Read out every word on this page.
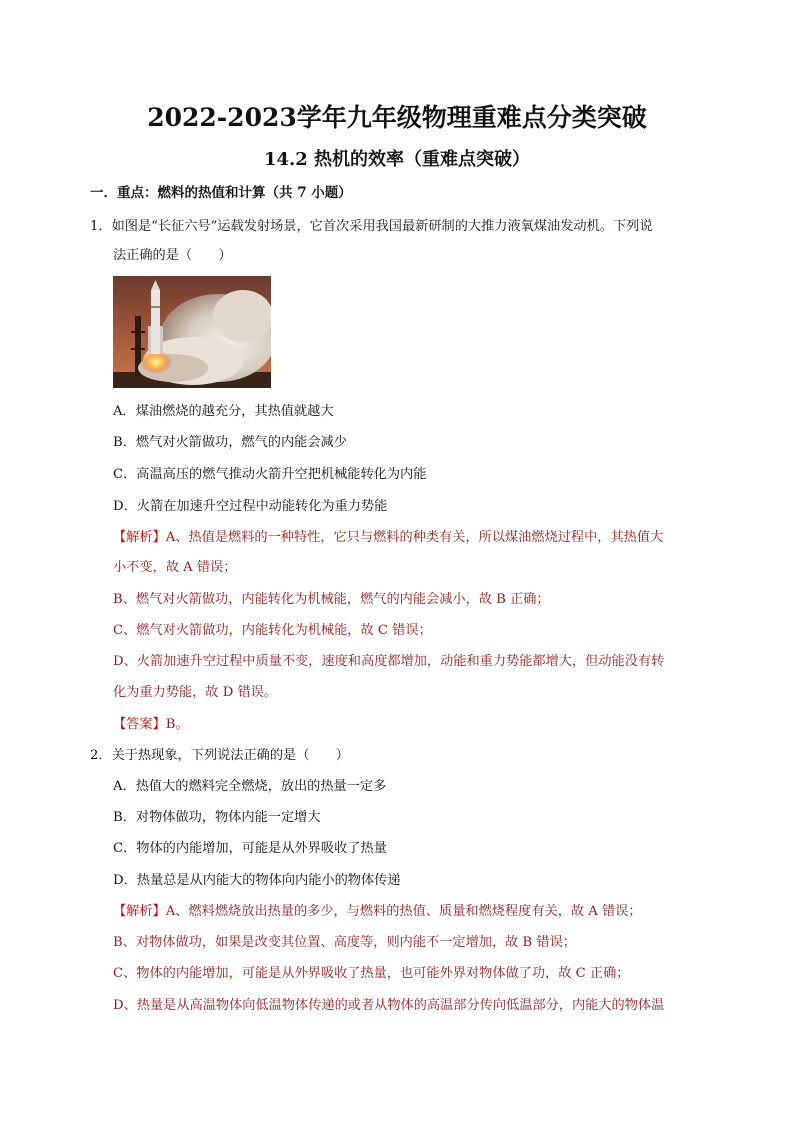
2022-2023学年九年级物理重难点分类突破
14.2 热机的效率（重难点突破）
一．重点：燃料的热值和计算（共 7 小题）
1．如图是“长征六号”运载发射场景，它首次采用我国最新研制的大推力液氧煤油发动机。下列说
法正确的是（　　）
A．煤油燃烧的越充分，其热值就越大
B．燃气对火箭做功，燃气的内能会减少
C．高温高压的燃气推动火箭升空把机械能转化为内能
D．火箭在加速升空过程中动能转化为重力势能
【解析】A、热值是燃料的一种特性，它只与燃料的种类有关，所以煤油燃烧过程中，其热值大
小不变，故 A 错误；
B、燃气对火箭做功，内能转化为机械能，燃气的内能会减小，故 B 正确；
C、燃气对火箭做功，内能转化为机械能，故 C 错误；
D、火箭加速升空过程中质量不变，速度和高度都增加，动能和重力势能都增大，但动能没有转
化为重力势能，故 D 错误。
【答案】B。
2．关于热现象，下列说法正确的是（　　）
A．热值大的燃料完全燃烧，放出的热量一定多
B．对物体做功，物体内能一定增大
C．物体的内能增加，可能是从外界吸收了热量
D．热量总是从内能大的物体向内能小的物体传递
【解析】A、燃料燃烧放出热量的多少，与燃料的热值、质量和燃烧程度有关，故 A 错误；
B、对物体做功，如果是改变其位置、高度等，则内能不一定增加，故 B 错误；
C、物体的内能增加，可能是从外界吸收了热量，也可能外界对物体做了功，故 C 正确；
D、热量是从高温物体向低温物体传递的或者从物体的高温部分传向低温部分，内能大的物体温
